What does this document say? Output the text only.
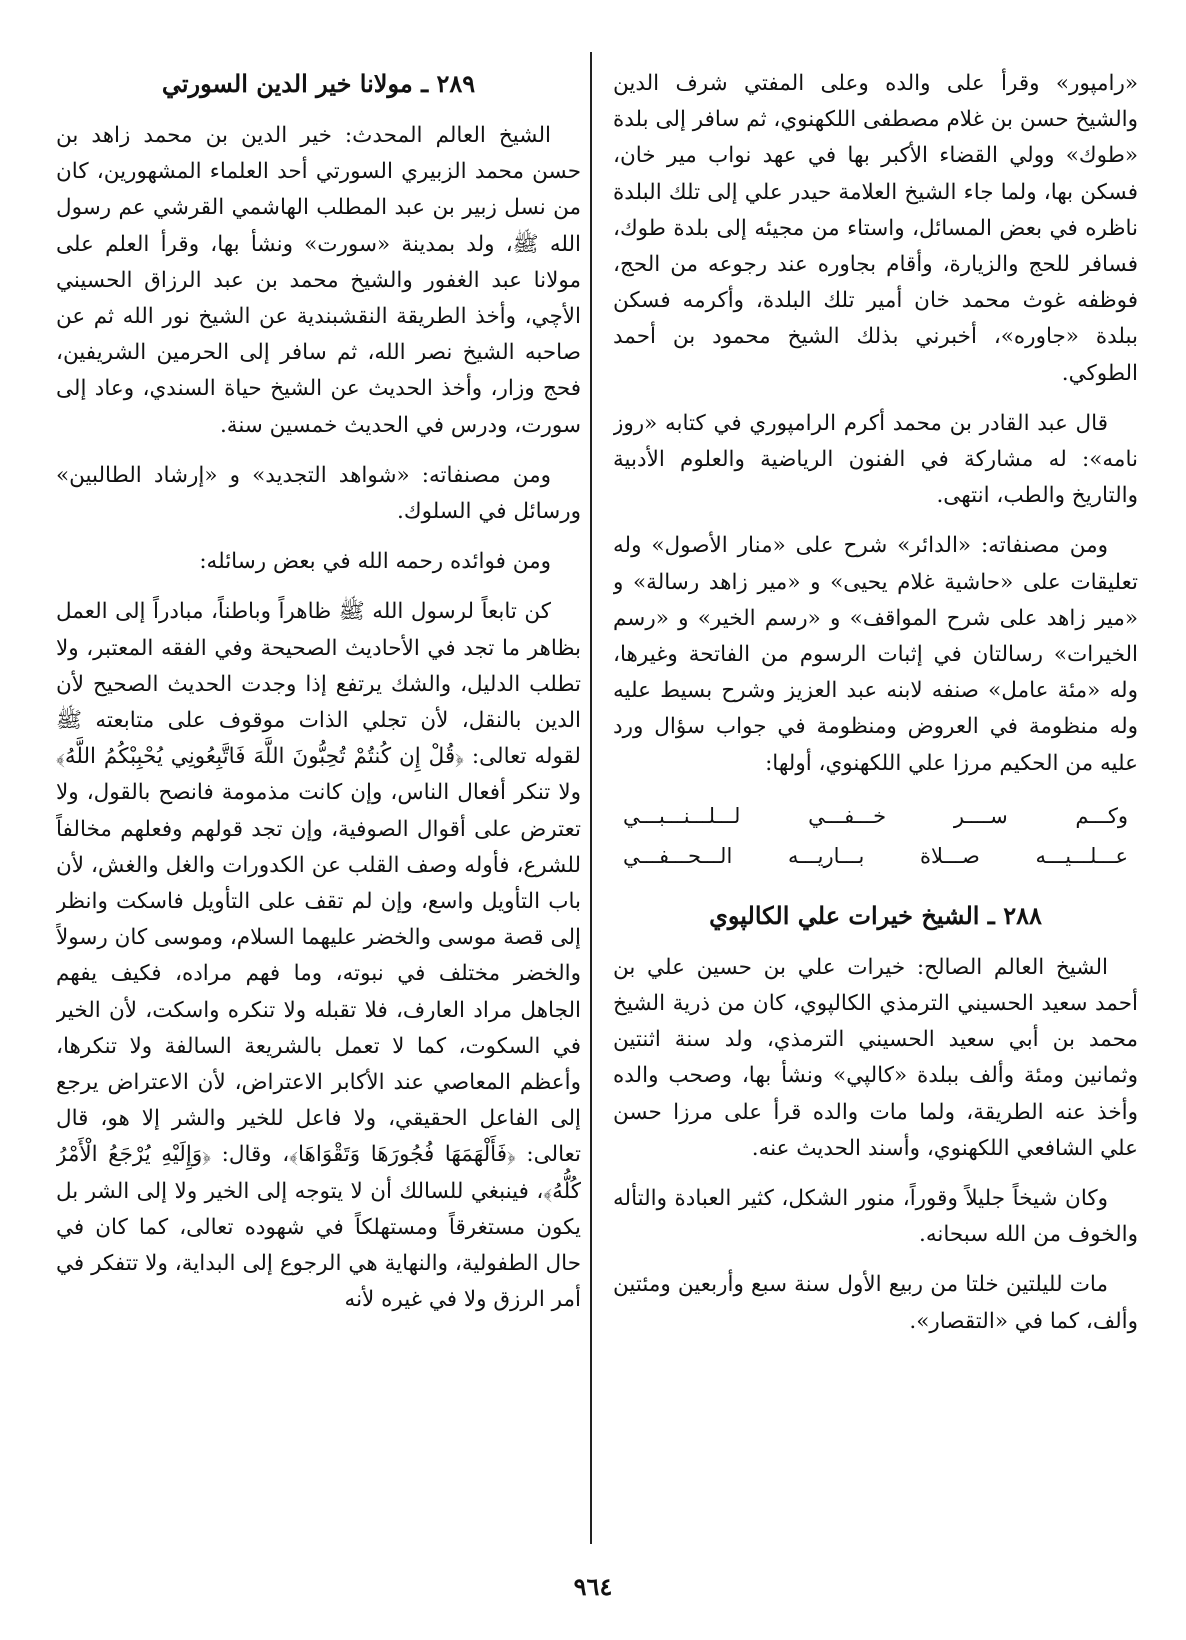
«رامپور» وقرأ على والده وعلى المفتي شرف الدين والشيخ حسن بن غلام مصطفى اللكهنوي، ثم سافر إلى بلدة «طوك» وولي القضاء الأكبر بها في عهد نواب مير خان، فسكن بها، ولما جاء الشيخ العلامة حيدر علي إلى تلك البلدة ناظره في بعض المسائل، واستاء من مجيئه إلى بلدة طوك، فسافر للحج والزيارة، وأقام بجاوره عند رجوعه من الحج، فوظفه غوث محمد خان أمير تلك البلدة، وأكرمه فسكن ببلدة «جاوره»، أخبرني بذلك الشيخ محمود بن أحمد الطوكي.

قال عبد القادر بن محمد أكرم الرامپوري في كتابه «روز نامه»: له مشاركة في الفنون الرياضية والعلوم الأدبية والتاريخ والطب، انتهى.

ومن مصنفاته: «الدائر» شرح على «منار الأصول» وله تعليقات على «حاشية غلام يحيى» و «مير زاهد رسالة» و «مير زاهد على شرح المواقف» و «رسم الخير» و «رسم الخيرات» رسالتان في إثبات الرسوم من الفاتحة وغيرها، وله «مئة عامل» صنفه لابنه عبد العزيز وشرح بسيط عليه وله منظومة في العروض ومنظومة في جواب سؤال ورد عليه من الحكيم مرزا علي اللكهنوي، أولها:

وكـــم
ســــر
خـــفـــي
لـــلـــنـــبـــي
عـــلـــيـــه
صـــلاة
بـــاريـــه
الـــحـــفـــي
٢٨٨ ـ الشيخ خيرات علي الكالپوي

الشيخ العالم الصالح: خيرات علي بن حسين علي بن أحمد سعيد الحسيني الترمذي الكالپوي، كان من ذرية الشيخ محمد بن أبي سعيد الحسيني الترمذي، ولد سنة اثنتين وثمانين ومئة وألف ببلدة «كالپي» ونشأ بها، وصحب والده وأخذ عنه الطريقة، ولما مات والده قرأ على مرزا حسن علي الشافعي اللكهنوي، وأسند الحديث عنه.

وكان شيخاً جليلاً وقوراً، منور الشكل، كثير العبادة والتأله والخوف من الله سبحانه.

مات لليلتين خلتا من ربيع الأول سنة سبع وأربعين ومئتين وألف، كما في «التقصار».

٢٨٩ ـ مولانا خير الدين السورتي

الشيخ العالم المحدث: خير الدين بن محمد زاهد بن حسن محمد الزبيري السورتي أحد العلماء المشهورين، كان من نسل زبير بن عبد المطلب الهاشمي القرشي عم رسول الله ﷺ، ولد بمدينة «سورت» ونشأ بها، وقرأ العلم على مولانا عبد الغفور والشيخ محمد بن عبد الرزاق الحسيني الأچي، وأخذ الطريقة النقشبندية عن الشيخ نور الله ثم عن صاحبه الشيخ نصر الله، ثم سافر إلى الحرمين الشريفين، فحج وزار، وأخذ الحديث عن الشيخ حياة السندي، وعاد إلى سورت، ودرس في الحديث خمسين سنة.

ومن مصنفاته: «شواهد التجديد» و «إرشاد الطالبين» ورسائل في السلوك.

ومن فوائده رحمه الله في بعض رسائله:

كن تابعاً لرسول الله ﷺ ظاهراً وباطناً، مبادراً إلى العمل بظاهر ما تجد في الأحاديث الصحيحة وفي الفقه المعتبر، ولا تطلب الدليل، والشك يرتفع إذا وجدت الحديث الصحيح لأن الدين بالنقل، لأن تجلي الذات موقوف على متابعته ﷺ لقوله تعالى: ﴿قُلْ إِن كُنتُمْ تُحِبُّونَ اللَّهَ فَاتَّبِعُونِي يُحْبِبْكُمُ اللَّهُ﴾ ولا تنكر أفعال الناس، وإن كانت مذمومة فانصح بالقول، ولا تعترض على أقوال الصوفية، وإن تجد قولهم وفعلهم مخالفاً للشرع، فأوله وصف القلب عن الكدورات والغل والغش، لأن باب التأويل واسع، وإن لم تقف على التأويل فاسكت وانظر إلى قصة موسى والخضر عليهما السلام، وموسى كان رسولاً والخضر مختلف في نبوته، وما فهم مراده، فكيف يفهم الجاهل مراد العارف، فلا تقبله ولا تنكره واسكت، لأن الخير في السكوت، كما لا تعمل بالشريعة السالفة ولا تنكرها، وأعظم المعاصي عند الأكابر الاعتراض، لأن الاعتراض يرجع إلى الفاعل الحقيقي، ولا فاعل للخير والشر إلا هو، قال تعالى: ﴿فَأَلْهَمَهَا فُجُورَهَا وَتَقْوَاهَا﴾، وقال: ﴿وَإِلَيْهِ يُرْجَعُ الْأَمْرُ كُلُّهُ﴾، فينبغي للسالك أن لا يتوجه إلى الخير ولا إلى الشر بل يكون مستغرقاً ومستهلكاً في شهوده تعالى، كما كان في حال الطفولية، والنهاية هي الرجوع إلى البداية، ولا تتفكر في أمر الرزق ولا في غيره لأنه

٩٦٤
